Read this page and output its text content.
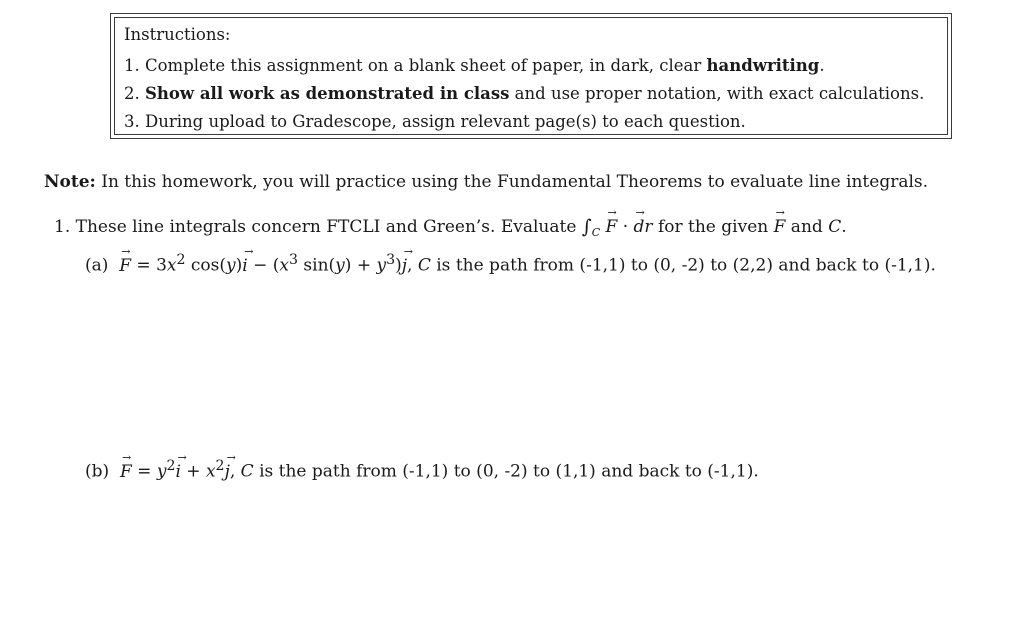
Instructions:
1. Complete this assignment on a blank sheet of paper, in dark, clear handwriting.
2. Show all work as demonstrated in class and use proper notation, with exact calculations.
3. During upload to Gradescope, assign relevant page(s) to each question.
Note: In this homework, you will practice using the Fundamental Theorems to evaluate line integrals.
1. These line integrals concern FTCLI and Green’s. Evaluate $\int_C \to F$ · → dr for the given → F and C.
$(a) \to F = 3x^2$ $\cos(y)\to i - (x^3$ $\sin(y) + y^3)\to j$, C is the path from (-1,1) to (0, -2) to (2,2) and back to (-1,1).
$(b) \to F = y^2\to i + x^2\to j$, C is the path from (-1,1) to (0, -2) to (1,1) and back to (-1,1).
